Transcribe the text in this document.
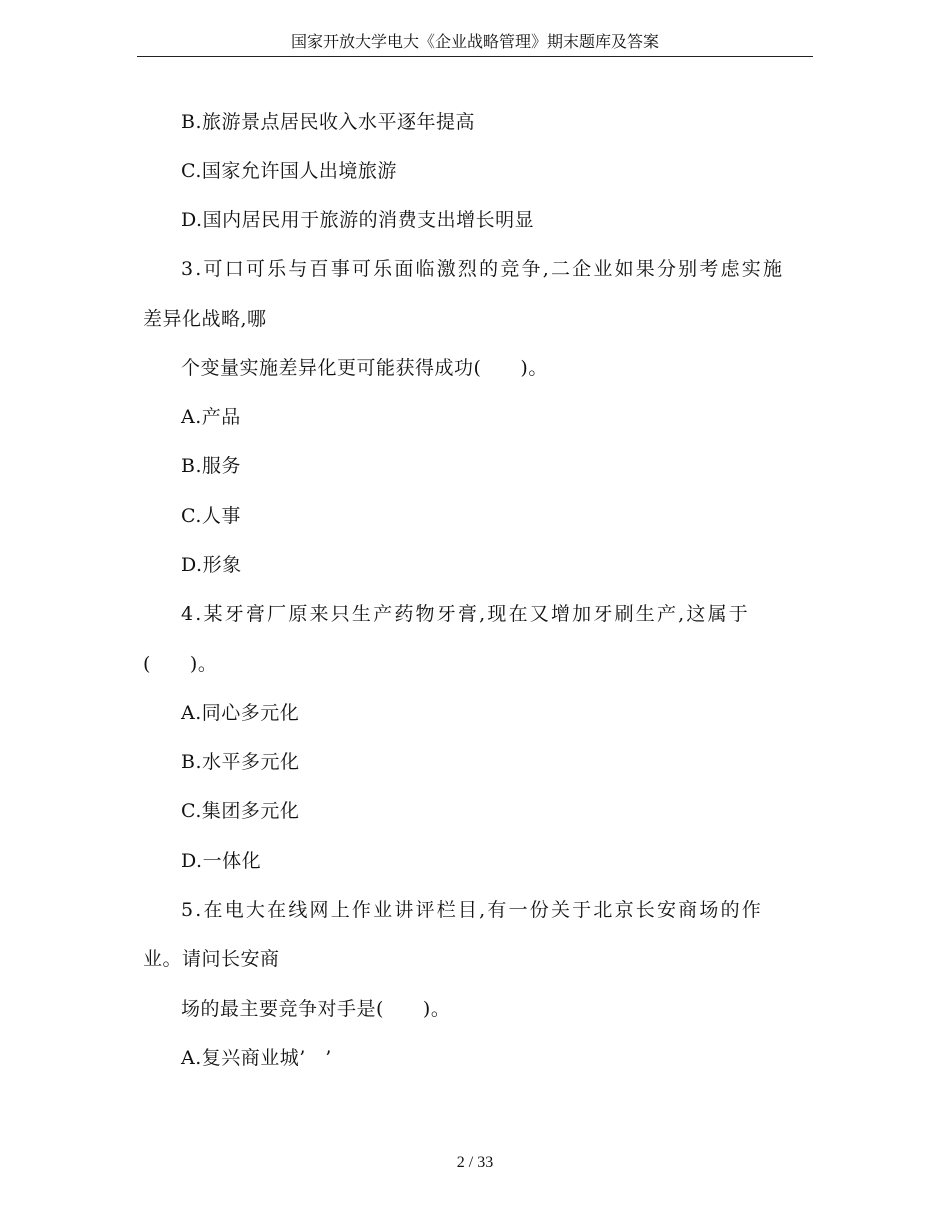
国家开放大学电大《企业战略管理》期末题库及答案
B.旅游景点居民收入水平逐年提高
C.国家允许国人出境旅游
D.国内居民用于旅游的消费支出增长明显
3.可口可乐与百事可乐面临激烈的竞争,二企业如果分别考虑实施
差异化战略,哪
个变量实施差异化更可能获得成功(　　)。
A.产品
B.服务
C.人事
D.形象
4.某牙膏厂原来只生产药物牙膏,现在又增加牙刷生产,这属于
(　　)。
A.同心多元化
B.水平多元化
C.集团多元化
D.一体化
5.在电大在线网上作业讲评栏目,有一份关于北京长安商场的作
业。请问长安商
场的最主要竞争对手是(　　)。
A.复兴商业城’　’
2 / 33
